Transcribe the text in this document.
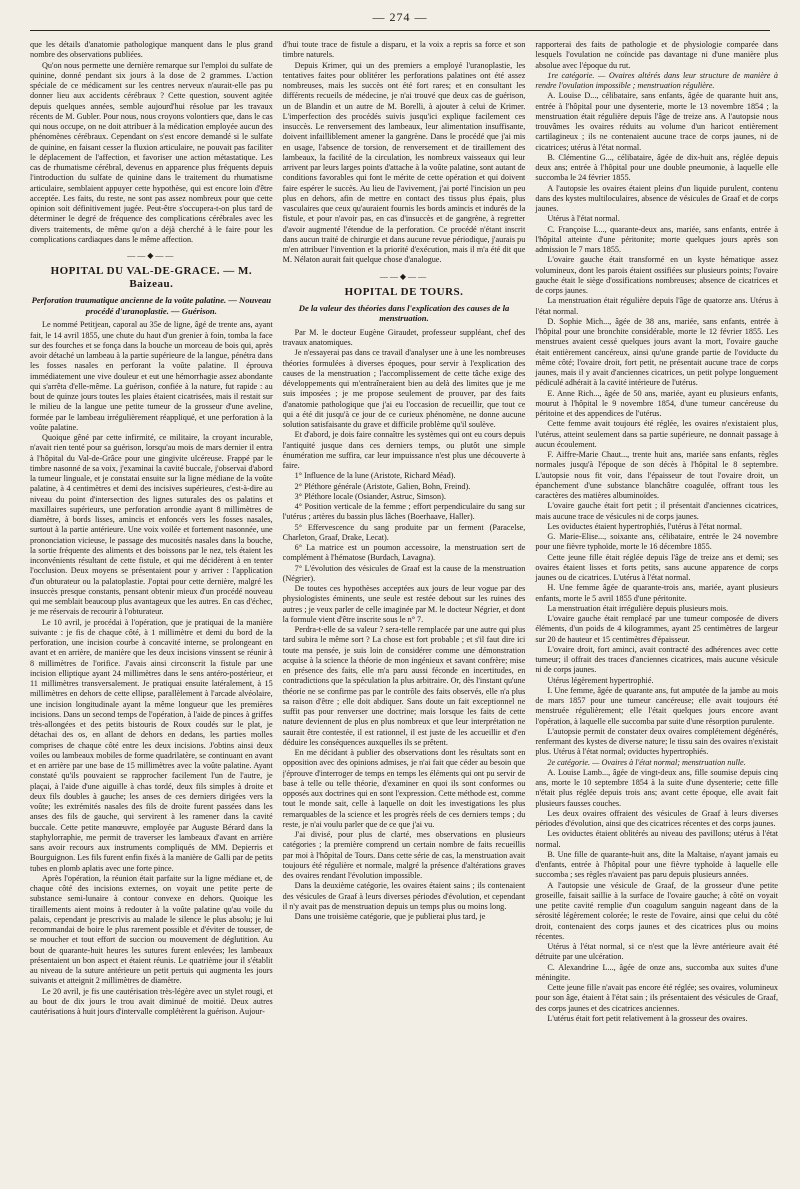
— 274 —

que les détails d'anatomie pathologique manquent dans le plus grand nombre des observations publiées.

Qu'on nous permette une dernière remarque sur l'emploi du sulfate de quinine, donné pendant six jours à la dose de 2 grammes. L'action spéciale de ce médicament sur les centres nerveux n'aurait-elle pas pu donner lieu aux accidents cérébraux ? Cette question, souvent agitée depuis quelques années, semble aujourd'hui résolue par les travaux récents de M. Gubler. Pour nous, nous croyons volontiers que, dans le cas qui nous occupe, on ne doit attribuer à la médication employée aucun des phénomènes cérébraux. Cependant on s'est encore demandé si le sulfate de quinine, en faisant cesser la fluxion articulaire, ne pouvait pas faciliter le déplacement de l'affection, et favoriser une action métastatique. Les cas de rhumatisme cérébral, devenus en apparence plus fréquents depuis l'introduction du sulfate de quinine dans le traitement du rhumatisme articulaire, semblaient appuyer cette hypothèse, qui est encore loin d'être acceptée. Les faits, du reste, ne sont pas assez nombreux pour que cette opinion soit définitivement jugée. Peut-être s'occupera-t-on plus tard de déterminer le degré de fréquence des complications cérébrales avec les divers traitements, de même qu'on a déjà cherché à le faire pour les complications cardiaques dans le même affection.

——◆——
HOPITAL DU VAL-DE-GRACE. — M. Baizeau.
Perforation traumatique ancienne de la voûte palatine. — Nouveau procédé d'uranoplastie. — Guérison.

Le nommé Petitjean, caporal au 35e de ligne, âgé de trente ans, ayant fait, le 14 avril 1855, une chute du haut d'un grenier à foin, tomba la face sur des fourches et se fonça dans la bouche un morceau de bois qui, après avoir détaché un lambeau à la partie supérieure de la langue, pénétra dans les fosses nasales en perforant la voûte palatine. Il éprouva immédiatement une vive douleur et eut une hémorrhagie assez abondante qui s'arrêta d'elle-même. La guérison, confiée à la nature, fut rapide : au bout de quinze jours toutes les plaies étaient cicatrisées, mais il restait sur le milieu de la langue une petite tumeur de la grosseur d'une aveline, formée par le lambeau irrégulièrement réappliqué, et une perforation à la voûte palatine.

Quoique gêné par cette infirmité, ce militaire, la croyant incurable, n'avait rien tenté pour sa guérison, lorsqu'au mois de mars dernier il entra à l'hôpital du Val-de-Grâce pour une gingivite ulcéreuse. Frappé par le timbre nasonné de sa voix, j'examinai la cavité buccale, j'observai d'abord la tumeur linguale, et je constatai ensuite sur la ligne médiane de la voûte palatine, à 4 centimètres et demi des incisives supérieures, c'est-à-dire au niveau du point d'intersection des lignes suturales des os palatins et maxillaires supérieurs, une perforation arrondie ayant 8 millimètres de diamètre, à bords lisses, amincis et enfoncés vers les fosses nasales, surtout à la partie antérieure. Une voix voilée et fortement nasonnée, une prononciation vicieuse, le passage des mucosités nasales dans la bouche, la sortie fréquente des aliments et des boissons par le nez, tels étaient les inconvénients résultant de cette fistule, et qui me décidèrent à en tenter l'occlusion. Deux moyens se présentaient pour y arriver : l'application d'un obturateur ou la palatoplastie. J'optai pour cette dernière, malgré les insuccès presque constants, pensant obtenir mieux d'un procédé nouveau qui me semblait beaucoup plus avantageux que les autres. En cas d'échec, je me réservais de recourir à l'obturateur.

Le 10 avril, je procédai à l'opération, que je pratiquai de la manière suivante : je fis de chaque côté, à 1 millimètre et demi du bord de la perforation, une incision courbe à concavité interne, se prolongeant en avant et en arrière, de manière que les deux incisions vinssent se réunir à 8 millimètres de l'orifice. J'avais ainsi circonscrit la fistule par une incision elliptique ayant 24 millimètres dans le sens antéro-postérieur, et 11 millimètres transversalement. Je pratiquai ensuite latéralement, à 15 millimètres en dehors de cette ellipse, parallèlement à l'arcade alvéolaire, une incision longitudinale ayant la même longueur que les premières incisions. Dans un second temps de l'opération, à l'aide de pinces à griffes très-allongées et des petits bistouris de Roux coudés sur le plat, je détachai des os, en allant de dehors en dedans, les parties molles comprises de chaque côté entre les deux incisions. J'obtins ainsi deux voiles ou lambeaux mobiles de forme quadrilatère, se continuant en avant et en arrière par une base de 15 millimètres avec la voûte palatine. Ayant constaté qu'ils pouvaient se rapprocher facilement l'un de l'autre, je plaçai, à l'aide d'une aiguille à chas tordé, deux fils simples à droite et deux fils doubles à gauche; les anses de ces derniers dirigées vers la voûte; les extrémités nasales des fils de droite furent passées dans les anses des fils de gauche, qui servirent à les ramener dans la cavité buccale. Cette petite manœuvre, employée par Auguste Bérard dans la staphylorraphie, me permit de traverser les lambeaux d'avant en arrière sans avoir recours aux instruments compliqués de MM. Depierris et Bourguignon. Les fils furent enfin fixés à la manière de Galli par de petits tubes en plomb aplatis avec une forte pince.

Après l'opération, la réunion était parfaite sur la ligne médiane et, de chaque côté des incisions externes, on voyait une petite perte de substance semi-lunaire à contour convexe en dehors. Quoique les tiraillements aient moins à redouter à la voûte palatine qu'au voile du palais, cependant je prescrivis au malade le silence le plus absolu; je lui recommandai de boire le plus rarement possible et d'éviter de tousser, de se moucher et tout effort de succion ou mouvement de déglutition. Au bout de quarante-huit heures les sutures furent enlevées; les lambeaux présentaient un bon aspect et étaient réunis. Le quatrième jour il s'établit au niveau de la suture antérieure un petit pertuis qui augmenta les jours suivants et atteignit 2 millimètres de diamètre.

Le 20 avril, je fis une cautérisation très-légère avec un stylet rougi, et au bout de dix jours le trou avait diminué de moitié. Deux autres cautérisations à huit jours d'intervalle complétèrent la guérison. Aujour-

d'hui toute trace de fistule a disparu, et la voix a repris sa force et son timbre naturels.

Depuis Krimer, qui un des premiers a employé l'uranoplastie, les tentatives faites pour oblitérer les perforations palatines ont été assez nombreuses, mais les succès ont été fort rares; et en consultant les différents recueils de médecine, je n'ai trouvé que deux cas de guérison, un de Blandin et un autre de M. Borelli, à ajouter à celui de Krimer. L'imperfection des procédés suivis jusqu'ici explique facilement ces insuccès. Le renversement des lambeaux, leur alimentation insuffisante, doivent infailliblement amener la gangrène. Dans le procédé que j'ai mis en usage, l'absence de torsion, de renversement et de tiraillement des lambeaux, la facilité de la circulation, les nombreux vaisseaux qui leur arrivent par leurs larges points d'attache à la voûte palatine, sont autant de conditions favorables qui font le mérite de cette opération et qui doivent faire espérer le succès. Au lieu de l'avivement, j'ai porté l'incision un peu plus en dehors, afin de mettre en contact des tissus plus épais, plus vasculaires que ceux qu'auraient fournis les bords amincis et indurés de la fistule, et pour n'avoir pas, en cas d'insuccès et de gangrène, à regretter d'avoir augmenté l'étendue de la perforation. Ce procédé n'étant inscrit dans aucun traité de chirurgie et dans aucune revue périodique, j'aurais pu m'en attribuer l'invention et la priorité d'exécution, mais il m'a été dit que M. Nélaton aurait fait quelque chose d'analogue.

——◆——
HOPITAL DE TOURS.
De la valeur des théories dans l'explication des causes de la menstruation.

Par M. le docteur Eugène Giraudet, professeur suppléant, chef des travaux anatomiques.

Je n'essayerai pas dans ce travail d'analyser une à une les nombreuses théories formulées à diverses époques, pour servir à l'explication des causes de la menstruation ; l'accomplissement de cette tâche exige des développements qui m'entraîneraient bien au delà des limites que je me suis imposées ; je me propose seulement de prouver, par des faits d'anatomie pathologique que j'ai eu l'occasion de recueillir, que tout ce qui a été dit jusqu'à ce jour de ce curieux phénomène, ne donne aucune solution satisfaisante du grave et difficile problème qu'il soulève.

Et d'abord, je dois faire connaître les systèmes qui ont eu cours depuis l'antiquité jusque dans ces derniers temps, ou plutôt une simple énumération me suffira, car leur impuissance n'est plus une découverte à faire.

1° Influence de la lune (Aristote, Richard Méad).

2° Pléthore générale (Aristote, Galien, Bohn, Freind).

3° Pléthore locale (Osiander, Astruc, Simson).

4° Position verticale de la femme ; effort perpendiculaire du sang sur l'utérus ; artères du bassin plus lâches (Boerhaave, Haller).

5° Effervescence du sang produite par un ferment (Paracelse, Charleton, Graaf, Drake, Lecat).

6° La matrice est un poumon accessoire, la menstruation sert de complément à l'hématose (Burdach, Lavagna).

7° L'évolution des vésicules de Graaf est la cause de la menstruation (Négrier).

De toutes ces hypothèses acceptées aux jours de leur vogue par des physiologistes éminents, une seule est restée debout sur les ruines des autres ; je veux parler de celle imaginée par M. le docteur Négrier, et dont la formule vient d'être inscrite sous le n° 7.

Perdra-t-elle de sa valeur ? sera-telle remplacée par une autre qui plus tard subira le même sort ? La chose est fort probable ; et s'il faut dire ici toute ma pensée, je suis loin de considérer comme une démonstration acquise à la science la théorie de mon ingénieux et savant confrère; mise en présence des faits, elle m'a paru aussi féconde en incertitudes, en contradictions que la spéculation la plus arbitraire. Or, dès l'instant qu'une théorie ne se confirme pas par le contrôle des faits observés, elle n'a plus sa raison d'être ; elle doit abdiquer. Sans doute un fait exceptionnel ne suffit pas pour renverser une doctrine; mais lorsque les faits de cette nature deviennent de plus en plus nombreux et que leur interprétation ne saurait être contestée, il est rationnel, il est juste de les accueillir et d'en déduire les conséquences auxquelles ils se prêtent.

En me décidant à publier des observations dont les résultats sont en opposition avec des opinions admises, je n'ai fait que céder au besoin que j'éprouve d'interroger de temps en temps les éléments qui ont pu servir de base à telle ou telle théorie, d'examiner en quoi ils sont conformes ou opposés aux doctrines qui en sont l'expression. Cette méthode est, comme tout le monde sait, celle à laquelle on doit les investigations les plus remarquables de la science et les progrès réels de ces derniers temps ; du reste, je n'ai voulu parler que de ce que j'ai vu.

J'ai divisé, pour plus de clarté, mes observations en plusieurs catégories ; la première comprend un certain nombre de faits recueillis par moi à l'hôpital de Tours. Dans cette série de cas, la menstruation avait toujours été régulière et normale, malgré la présence d'altérations graves des ovaires rendant l'évolution impossible.

Dans la deuxième catégorie, les ovaires étaient sains ; ils contenaient des vésicules de Graaf à leurs diverses périodes d'évolution, et cependant il n'y avait pas de menstruation depuis un temps plus ou moins long.

Dans une troisième catégorie, que je publierai plus tard, je

rapporterai des faits de pathologie et de physiologie comparée dans lesquels l'ovulation ne coïncide pas davantage ni d'une manière plus absolue avec l'époque du rut.

1re catégorie. — Ovaires altérés dans leur structure de manière à rendre l'ovulation impossible ; menstruation régulière.

A. Louise D..., célibataire, sans enfants, âgée de quarante huit ans, entrée à l'hôpital pour une dysenterie, morte le 13 novembre 1854 ; la menstruation était régulière depuis l'âge de treize ans. A l'autopsie nous trouvâmes les ovaires réduits au volume d'un haricot entièrement cartilagineux ; ils ne contenaient aucune trace de corps jaunes, ni de cicatrices; utérus à l'état normal.

B. Clémentine G..., célibataire, âgée de dix-huit ans, réglée depuis deux ans; entrée à l'hôpital pour une double pneumonie, à laquelle elle succomba le 24 février 1855.

A l'autopsie les ovaires étaient pleins d'un liquide purulent, contenu dans des kystes multiloculaires, absence de vésicules de Graaf et de corps jaunes.

Utérus à l'état normal.

C. Françoise L..., quarante-deux ans, mariée, sans enfants, entrée à l'hôpital atteinte d'une péritonite; morte quelques jours après son admission le 7 mars 1855.

L'ovaire gauche était transformé en un kyste hématique assez volumineux, dont les parois étaient ossifiées sur plusieurs points; l'ovaire gauche était le siège d'ossifications nombreuses; absence de cicatrices et de corps jaunes.

La menstruation était régulière depuis l'âge de quatorze ans. Utérus à l'état normal.

D. Sophie Mich..., âgée de 38 ans, mariée, sans enfants, entrée à l'hôpital pour une bronchite considérable, morte le 12 février 1855. Les menstrues avaient cessé quelques jours avant la mort, l'ovaire gauche était entièrement cancéreux, ainsi qu'une grande partie de l'oviducte du même côté; l'ovaire droit, fort petit, ne présentait aucune trace de corps jaunes, mais il y avait d'anciennes cicatrices, un petit polype longuement pédiculé adhérait à la cavité intérieure de l'utérus.

E. Anne Rich..., âgée de 50 ans, mariée, ayant eu plusieurs enfants, mourut à l'hôpital le 9 novembre 1854, d'une tumeur cancéreuse du péritoine et des appendices de l'utérus.

Cette femme avait toujours été réglée, les ovaires n'existaient plus, l'utérus, atteint seulement dans sa partie supérieure, ne donnait passage à aucun écoulement.

F. Aiffre-Marie Chaut..., trente huit ans, mariée sans enfants, règles normales jusqu'à l'époque de son décès à l'hôpital le 8 septembre. L'autopsie nous fit voir, dans l'épaisseur de tout l'ovaire droit, un épanchement d'une substance blanchâtre coagulée, offrant tous les caractères des matières albuminoïdes.

L'ovaire gauche était fort petit ; il présentait d'anciennes cicatrices, mais aucune trace de vésicules ni de corps jaunes.

Les oviductes étaient hypertrophiés, l'utérus à l'état normal.

G. Marie-Elise..., soixante ans, célibataire, entrée le 24 novembre pour une fièvre typhoïde, morte le 16 décembre 1855.

Cette jeune fille était réglée depuis l'âge de treize ans et demi; ses ovaires étaient lisses et forts petits, sans aucune apparence de corps jaunes ou de cicatrices. L'utérus à l'état normal.

H. Une femme âgée de quarante-trois ans, mariée, ayant plusieurs enfants, morte le 5 avril 1855 d'une péritonite.

La menstruation était irrégulière depuis plusieurs mois.

L'ovaire gauche était remplacé par une tumeur composée de divers éléments, d'un poids de 4 kilogrammes, ayant 25 centimètres de largeur sur 20 de hauteur et 15 centimètres d'épaisseur.

L'ovaire droit, fort aminci, avait contracté des adhérences avec cette tumeur; il offrait des traces d'anciennes cicatrices, mais aucune vésicule ni de corps jaunes.

Utérus légèrement hypertrophié.

I. Une femme, âgée de quarante ans, fut amputée de la jambe au mois de mars 1857 pour une tumeur cancéreuse; elle avait toujours été menstruée régulièrement; elle l'était quelques jours encore avant l'opération, à laquelle elle succomba par suite d'une résorption purulente.

L'autopsie permit de constater deux ovaires complétement dégénérés, renfermant des kystes de diverse nature; le tissu sain des ovaires n'existait plus. Utérus à l'état normal; oviductes hypertrophiés.

2e catégorie. — Ovaires à l'état normal; menstruation nulle.

A. Louise Lamb..., âgée de vingt-deux ans, fille soumise depuis cinq ans, morte le 10 septembre 1854 à la suite d'une dysenterie; cette fille n'était plus réglée depuis trois ans; avant cette époque, elle avait fait plusieurs fausses couches.

Les deux ovaires offraient des vésicules de Graaf à leurs diverses périodes d'évolution, ainsi que des cicatrices récentes et des corps jaunes.

Les oviductes étaient oblitérés au niveau des pavillons; utérus à l'état normal.

B. Une fille de quarante-huit ans, dite la Maltaise, n'ayant jamais eu d'enfants, entrée à l'hôpital pour une fièvre typhoïde à laquelle elle succomba ; ses règles n'avaient pas paru depuis plusieurs années.

A l'autopsie une vésicule de Graaf, de la grosseur d'une petite groseille, faisait saillie à la surface de l'ovaire gauche; à côté on voyait une petite cavité remplie d'un coagulum sanguin nageant dans de la sérosité légèrement colorée; le reste de l'ovaire, ainsi que celui du côté droit, contenaient des corps jaunes et des cicatrices plus ou moins récentes.

Utérus à l'état normal, si ce n'est que la lèvre antérieure avait été détruite par une ulcération.

C. Alexandrine L..., âgée de onze ans, succomba aux suites d'une méningite.

Cette jeune fille n'avait pas encore été réglée; ses ovaires, volumineux pour son âge, étaient à l'état sain ; ils présentaient des vésicules de Graaf, des corps jaunes et des cicatrices anciennes.

L'utérus était fort petit relativement à la grosseur des ovaires.
